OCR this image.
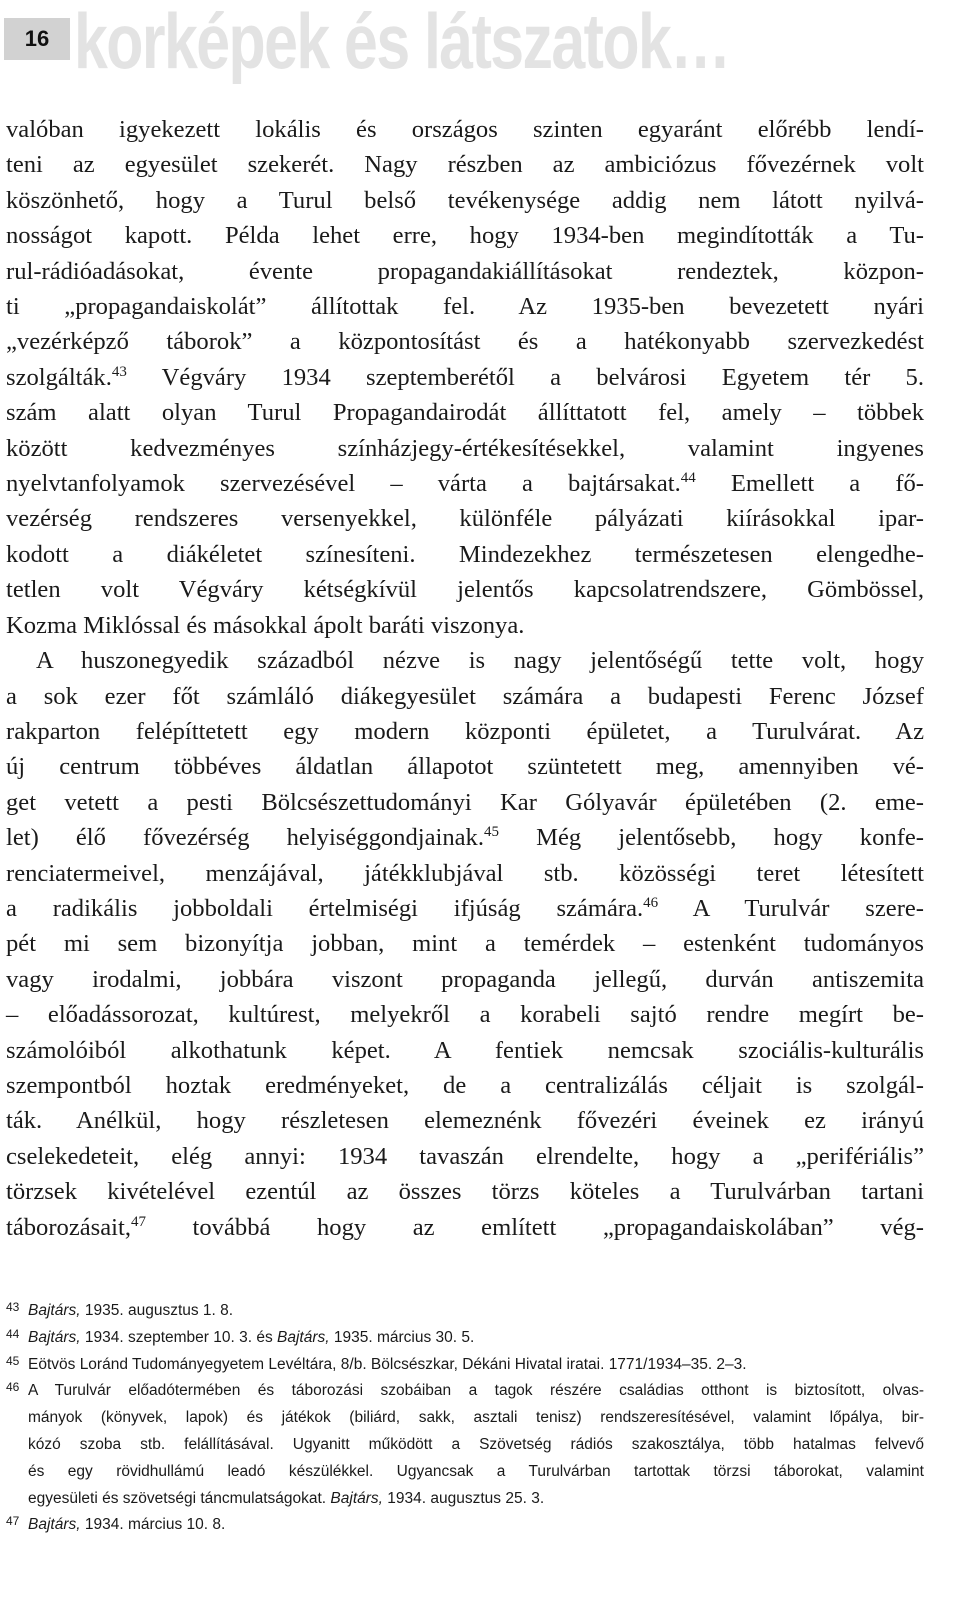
16 korképek és látszatok…

valóban igyekezett lokális és országos szinten egyaránt előrébb lendí-
teni az egyesület szekerét. Nagy részben az ambiciózus fővezérnek volt
köszönhető, hogy a Turul belső tevékenysége addig nem látott nyilvá-
nosságot kapott. Példa lehet erre, hogy 1934-ben megindították a Tu-
rul-rádióadásokat, évente propagandakiállításokat rendeztek, közpon-
ti „propagandaiskolát” állítottak fel. Az 1935-ben bevezetett nyári
„vezérképző táborok” a központosítást és a hatékonyabb szervezkedést
szolgálták.$^{43}$ Végváry 1934 szeptemberétől a belvárosi Egyetem tér 5.
szám alatt olyan Turul Propagandairodát állíttatott fel, amely – többek
között kedvezményes színházjegy-értékesítésekkel, valamint ingyenes
nyelvtanfolyamok szervezésével – várta a bajtársakat.$^{44}$ Emellett a fő-
vezérség rendszeres versenyekkel, különféle pályázati kiírásokkal ipar-
kodott a diákéletet színesíteni. Mindezekhez természetesen elengedhe-
tetlen volt Végváry kétségkívül jelentős kapcsolatrendszere, Gömbössel,
Kozma Miklóssal és másokkal ápolt baráti viszonya.

A huszonegyedik századból nézve is nagy jelentőségű tette volt, hogy
a sok ezer főt számláló diákegyesület számára a budapesti Ferenc József
rakparton felépíttetett egy modern központi épületet, a Turulvárat. Az
új centrum többéves áldatlan állapotot szüntetett meg, amennyiben vé-
get vetett a pesti Bölcsészettudományi Kar Gólyavár épületében (2. eme-
let) élő fővezérség helyiséggondjainak.$^{45}$ Még jelentősebb, hogy konfe-
renciatermeivel, menzájával, játékklubjával stb. közösségi teret létesített
a radikális jobboldali értelmiségi ifjúság számára.$^{46}$ A Turulvár szere-
pét mi sem bizonyítja jobban, mint a temérdek – estenként tudományos
vagy irodalmi, jobbára viszont propaganda jellegű, durván antiszemita
– előadássorozat, kultúrest, melyekről a korabeli sajtó rendre megírt be-
számolóiból alkothatunk képet. A fentiek nemcsak szociális-kulturális
szempontból hoztak eredményeket, de a centralizálás céljait is szolgál-
ták. Anélkül, hogy részletesen elemeznénk fővezéri éveinek ez irányú
cselekedeteit, elég annyi: 1934 tavaszán elrendelte, hogy a „perifériális”
törzsek kivételével ezentúl az összes törzs köteles a Turulvárban tartani
táborozásait,$^{47}$ továbbá hogy az említett „propagandaiskolában” vég-

43 Bajtárs, 1935. augusztus 1. 8.
44 Bajtárs, 1934. szeptember 10. 3. és Bajtárs, 1935. március 30. 5.
45 Eötvös Loránd Tudományegyetem Levéltára, 8/b. Bölcsészkar, Dékáni Hivatal iratai. 1771/1934–35. 2–3.
46 A Turulvár előadótermében és táborozási szobáiban a tagok részére családias otthont is biztosított, olvas-
mányok (könyvek, lapok) és játékok (biliárd, sakk, asztali tenisz) rendszeresítésével, valamint lőpálya, bir-
kózó szoba stb. felállításával. Ugyanitt működött a Szövetség rádiós szakosztálya, több hatalmas felvevő
és egy rövidhullámú leadó készülékkel. Ugyancsak a Turulvárban tartottak törzsi táborokat, valamint
egyesületi és szövetségi táncmulatságokat. Bajtárs, 1934. augusztus 25. 3.
47 Bajtárs, 1934. március 10. 8.
